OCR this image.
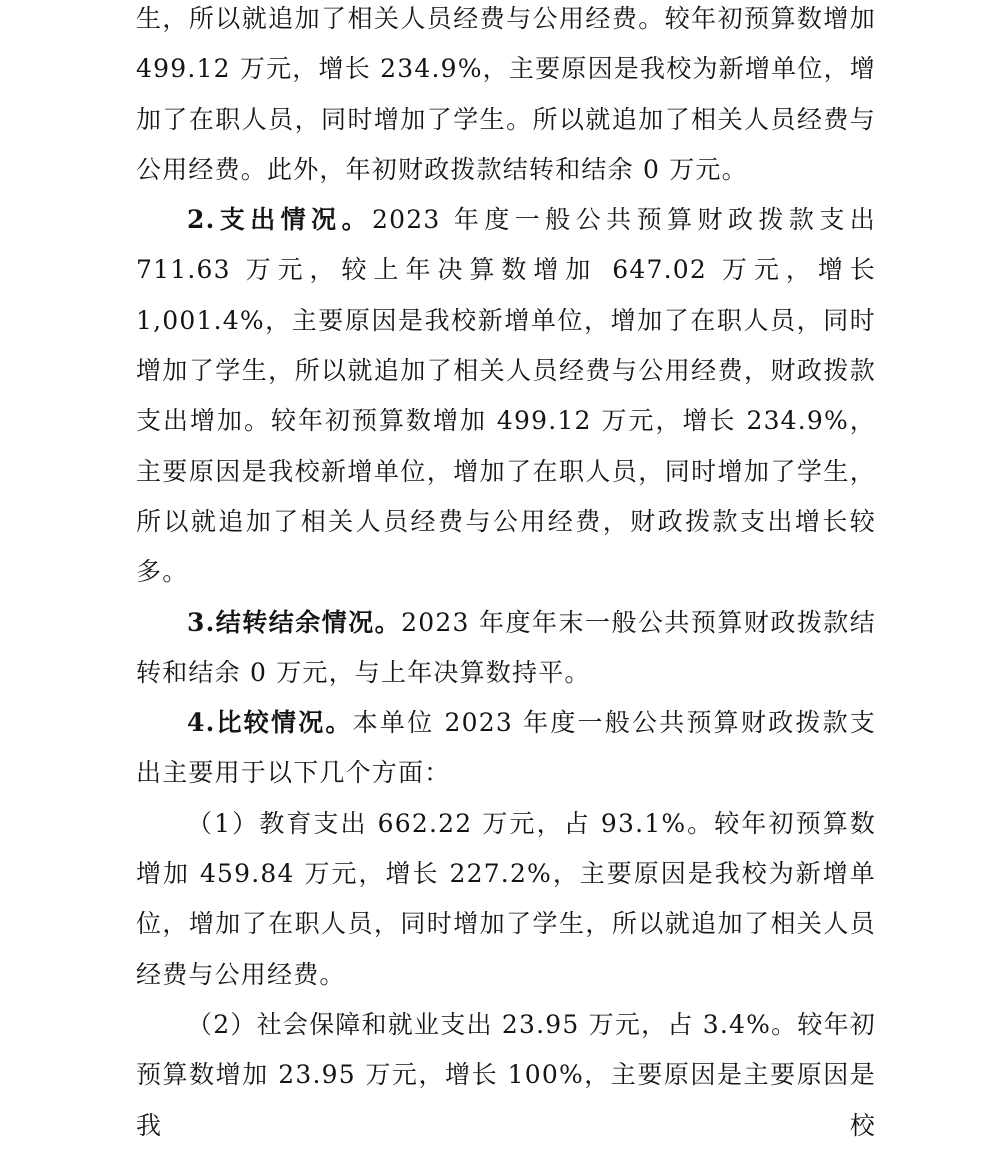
生，所以就追加了相关人员经费与公用经费。较年初预算数增加 499.12 万元，增长 234.9%，主要原因是我校为新增单位，增加了在职人员，同时增加了学生。所以就追加了相关人员经费与公用经费。此外，年初财政拨款结转和结余 0 万元。

2.支出情况。2023 年度一般公共预算财政拨款支出 711.63 万元，较上年决算数增加 647.02 万元，增长 1,001.4%，主要原因是我校新增单位，增加了在职人员，同时增加了学生，所以就追加了相关人员经费与公用经费，财政拨款支出增加。较年初预算数增加 499.12 万元，增长 234.9%，主要原因是我校新增单位，增加了在职人员，同时增加了学生，所以就追加了相关人员经费与公用经费，财政拨款支出增长较多。

3.结转结余情况。2023 年度年末一般公共预算财政拨款结转和结余 0 万元，与上年决算数持平。

4.比较情况。本单位 2023 年度一般公共预算财政拨款支出主要用于以下几个方面：

（1）教育支出 662.22 万元，占 93.1%。较年初预算数增加 459.84 万元，增长 227.2%，主要原因是我校为新增单位，增加了在职人员，同时增加了学生，所以就追加了相关人员经费与公用经费。

（2）社会保障和就业支出 23.95 万元，占 3.4%。较年初预算数增加 23.95 万元，增长 100%，主要原因是主要原因是我校
